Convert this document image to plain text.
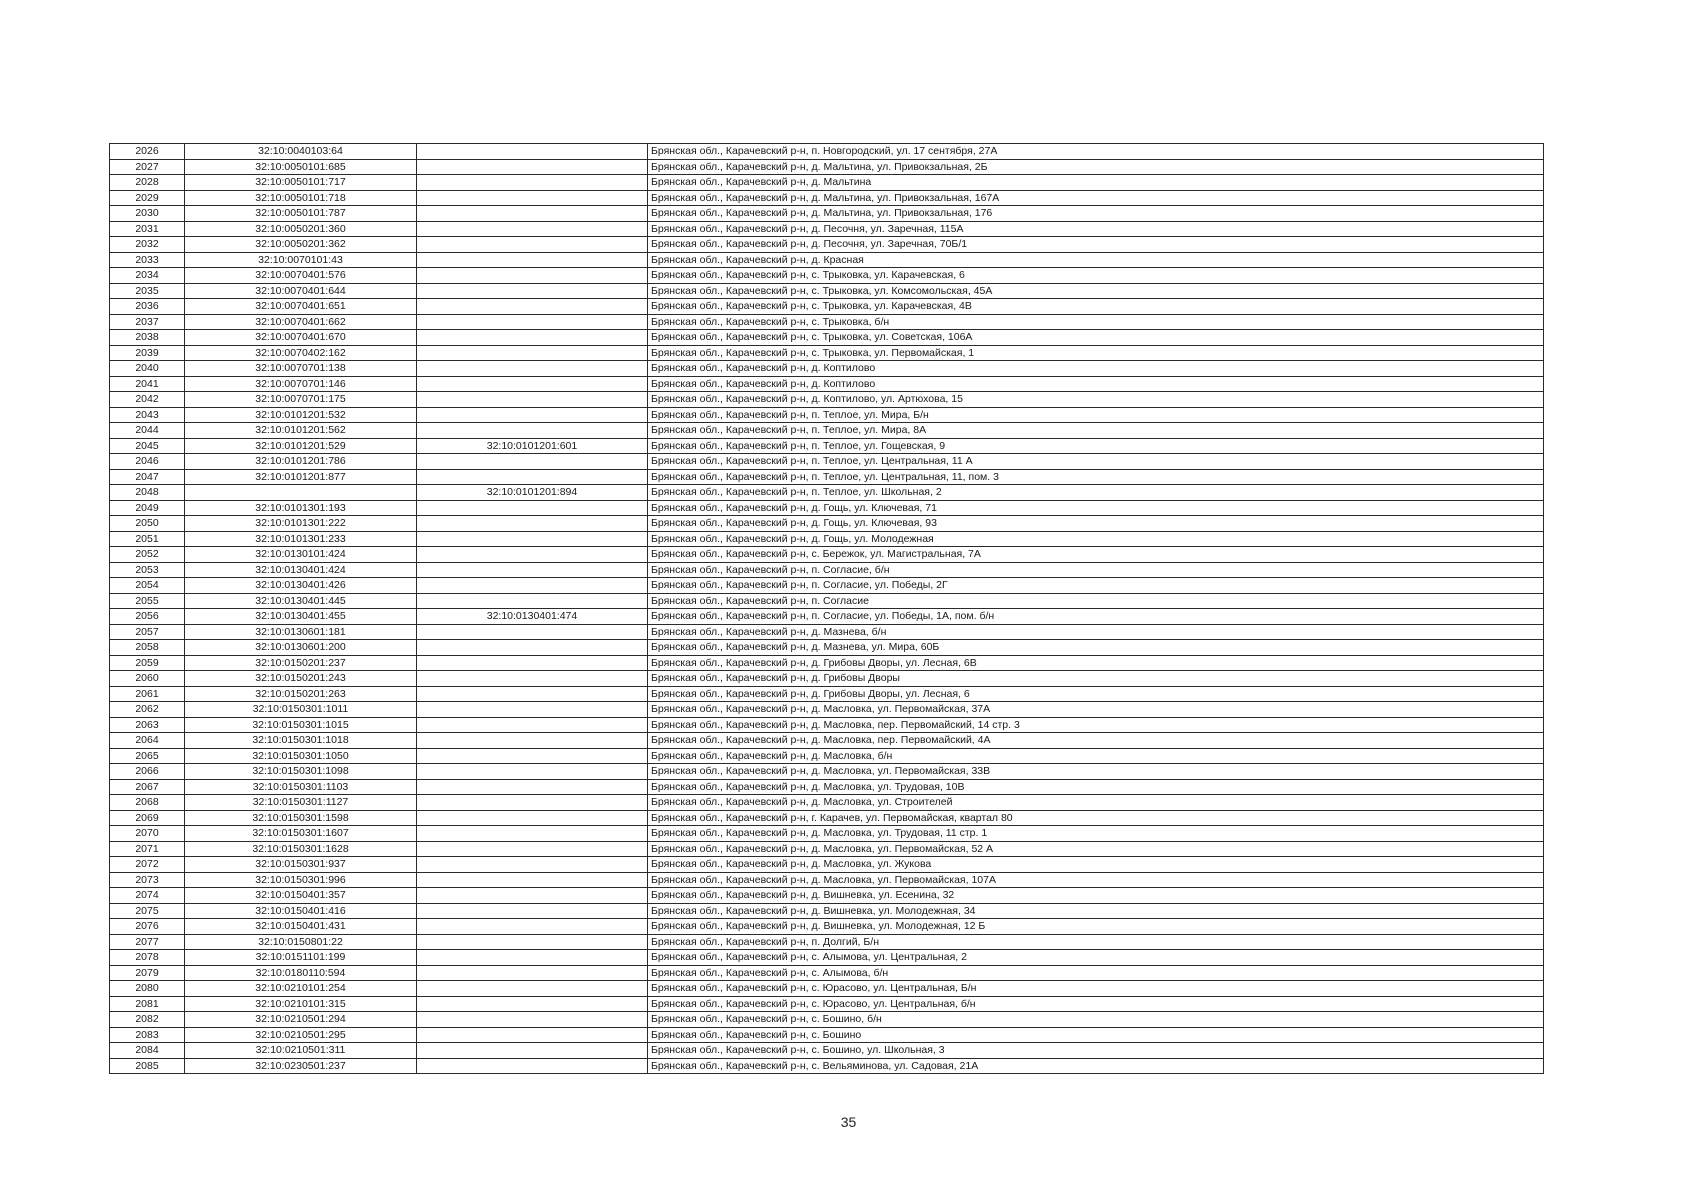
2026	32:10:0040103:64		Брянская обл., Карачевский р-н, п. Новгородский, ул. 17 сентября, 27А
2027	32:10:0050101:685		Брянская обл., Карачевский р-н, д. Мальтина, ул. Привокзальная, 2Б
2028	32:10:0050101:717		Брянская обл., Карачевский р-н, д. Мальтина
2029	32:10:0050101:718		Брянская обл., Карачевский р-н, д. Мальтина, ул. Привокзальная, 167А
2030	32:10:0050101:787		Брянская обл., Карачевский р-н, д. Мальтина, ул. Привокзальная, 176
2031	32:10:0050201:360		Брянская обл., Карачевский р-н, д. Песочня, ул. Заречная, 115А
2032	32:10:0050201:362		Брянская обл., Карачевский р-н, д. Песочня, ул. Заречная, 70Б/1
2033	32:10:0070101:43		Брянская обл., Карачевский р-н, д. Красная
2034	32:10:0070401:576		Брянская обл., Карачевский р-н, с. Трыковка, ул. Карачевская, 6
2035	32:10:0070401:644		Брянская обл., Карачевский р-н, с. Трыковка, ул. Комсомольская, 45А
2036	32:10:0070401:651		Брянская обл., Карачевский р-н, с. Трыковка, ул. Карачевская, 4В
2037	32:10:0070401:662		Брянская обл., Карачевский р-н, с. Трыковка, б/н
2038	32:10:0070401:670		Брянская обл., Карачевский р-н, с. Трыковка, ул. Советская, 106А
2039	32:10:0070402:162		Брянская обл., Карачевский р-н, с. Трыковка, ул. Первомайская, 1
2040	32:10:0070701:138		Брянская обл., Карачевский р-н, д. Коптилово
2041	32:10:0070701:146		Брянская обл., Карачевский р-н, д. Коптилово
2042	32:10:0070701:175		Брянская обл., Карачевский р-н, д. Коптилово, ул. Артюхова, 15
2043	32:10:0101201:532		Брянская обл., Карачевский р-н, п. Теплое, ул. Мира, Б/н
2044	32:10:0101201:562		Брянская обл., Карачевский р-н, п. Теплое, ул. Мира, 8А
2045	32:10:0101201:529	32:10:0101201:601	Брянская обл., Карачевский р-н, п. Теплое, ул. Гощевская, 9
2046	32:10:0101201:786		Брянская обл., Карачевский р-н, п. Теплое, ул. Центральная, 11 А
2047	32:10:0101201:877		Брянская обл., Карачевский р-н, п. Теплое, ул. Центральная, 11, пом. 3
2048		32:10:0101201:894	Брянская обл., Карачевский р-н, п. Теплое, ул. Школьная, 2
2049	32:10:0101301:193		Брянская обл., Карачевский р-н, д. Гощь, ул. Ключевая, 71
2050	32:10:0101301:222		Брянская обл., Карачевский р-н, д. Гощь, ул. Ключевая, 93
2051	32:10:0101301:233		Брянская обл., Карачевский р-н, д. Гощь, ул. Молодежная
2052	32:10:0130101:424		Брянская обл., Карачевский р-н, с. Бережок, ул. Магистральная, 7А
2053	32:10:0130401:424		Брянская обл., Карачевский р-н, п. Согласие, б/н
2054	32:10:0130401:426		Брянская обл., Карачевский р-н, п. Согласие, ул. Победы, 2Г
2055	32:10:0130401:445		Брянская обл., Карачевский р-н, п. Согласие
2056	32:10:0130401:455	32:10:0130401:474	Брянская обл., Карачевский р-н, п. Согласие, ул. Победы, 1А, пом. б/н
2057	32:10:0130601:181		Брянская обл., Карачевский р-н, д. Мазнева, б/н
2058	32:10:0130601:200		Брянская обл., Карачевский р-н, д. Мазнева, ул. Мира, 60Б
2059	32:10:0150201:237		Брянская обл., Карачевский р-н, д. Грибовы Дворы, ул. Лесная, 6В
2060	32:10:0150201:243		Брянская обл., Карачевский р-н, д. Грибовы Дворы
2061	32:10:0150201:263		Брянская обл., Карачевский р-н, д. Грибовы Дворы, ул. Лесная, 6
2062	32:10:0150301:1011		Брянская обл., Карачевский р-н, д. Масловка, ул. Первомайская, 37А
2063	32:10:0150301:1015		Брянская обл., Карачевский р-н, д. Масловка, пер. Первомайский, 14 стр. 3
2064	32:10:0150301:1018		Брянская обл., Карачевский р-н, д. Масловка, пер. Первомайский, 4А
2065	32:10:0150301:1050		Брянская обл., Карачевский р-н, д. Масловка, б/н
2066	32:10:0150301:1098		Брянская обл., Карачевский р-н, д. Масловка, ул. Первомайская, 33В
2067	32:10:0150301:1103		Брянская обл., Карачевский р-н, д. Масловка, ул. Трудовая, 10В
2068	32:10:0150301:1127		Брянская обл., Карачевский р-н, д. Масловка, ул. Строителей
2069	32:10:0150301:1598		Брянская обл., Карачевский р-н, г. Карачев, ул. Первомайская, квартал 80
2070	32:10:0150301:1607		Брянская обл., Карачевский р-н, д. Масловка, ул. Трудовая, 11 стр. 1
2071	32:10:0150301:1628		Брянская обл., Карачевский р-н, д. Масловка, ул. Первомайская, 52 А
2072	32:10:0150301:937		Брянская обл., Карачевский р-н, д. Масловка, ул. Жукова
2073	32:10:0150301:996		Брянская обл., Карачевский р-н, д. Масловка, ул. Первомайская, 107А
2074	32:10:0150401:357		Брянская обл., Карачевский р-н, д. Вишневка, ул. Есенина, 32
2075	32:10:0150401:416		Брянская обл., Карачевский р-н, д. Вишневка, ул. Молодежная, 34
2076	32:10:0150401:431		Брянская обл., Карачевский р-н, д. Вишневка, ул. Молодежная, 12 Б
2077	32:10:0150801:22		Брянская обл., Карачевский р-н, п. Долгий, Б/н
2078	32:10:0151101:199		Брянская обл., Карачевский р-н, с. Алымова, ул. Центральная, 2
2079	32:10:0180110:594		Брянская обл., Карачевский р-н, с. Алымова, б/н
2080	32:10:0210101:254		Брянская обл., Карачевский р-н, с. Юрасово, ул. Центральная, Б/н
2081	32:10:0210101:315		Брянская обл., Карачевский р-н, с. Юрасово, ул. Центральная, б/н
2082	32:10:0210501:294		Брянская обл., Карачевский р-н, с. Бошино, б/н
2083	32:10:0210501:295		Брянская обл., Карачевский р-н, с. Бошино
2084	32:10:0210501:311		Брянская обл., Карачевский р-н, с. Бошино, ул. Школьная, 3
2085	32:10:0230501:237		Брянская обл., Карачевский р-н, с. Вельяминова, ул. Садовая, 21А
35
